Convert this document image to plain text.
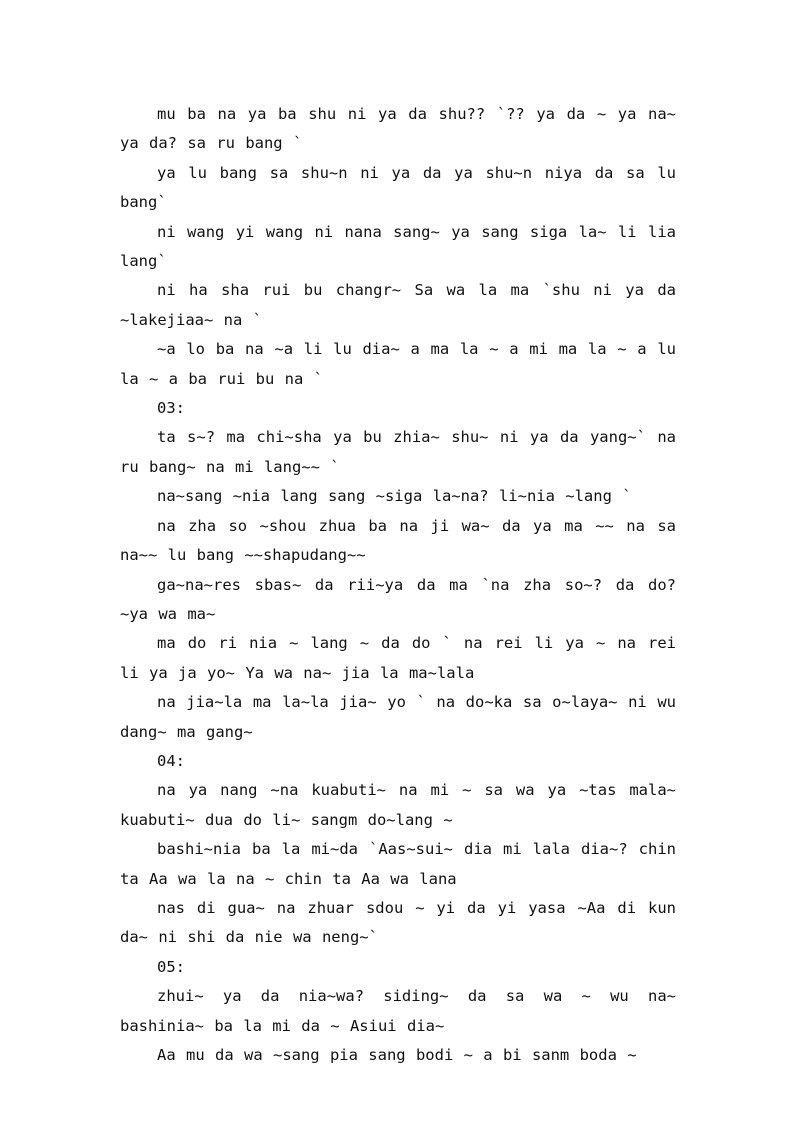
mu ba na ya ba shu ni ya da shu?? `?? ya da ~ ya na~ ya da? sa ru bang `

ya lu bang sa shu~n ni ya da ya shu~n niya da sa lu bang`

ni wang yi wang ni nana sang~ ya sang siga la~ li lia lang`

ni ha sha rui bu changr~ Sa wa la ma `shu ni ya da ~lakejiaa~ na `

~a lo ba na ~a li lu dia~ a ma la ~ a mi ma la ~ a lu la ~ a ba rui bu na `

03:

ta s~? ma chi~sha ya bu zhia~ shu~ ni ya da yang~` na ru bang~ na mi lang~~ `

na~sang ~nia lang sang ~siga la~na? li~nia ~lang `

na zha so ~shou zhua ba na ji wa~ da ya ma ~~ na sa na~~ lu bang ~~shapudang~~

ga~na~res sbas~ da rii~ya da ma `na zha so~? da do? ~ya wa ma~

ma do ri nia ~ lang ~ da do ` na rei li ya ~ na rei li ya ja yo~ Ya wa na~ jia la ma~lala

na jia~la ma la~la jia~ yo ` na do~ka sa o~laya~ ni wu dang~ ma gang~

04:

na ya nang ~na kuabuti~ na mi ~ sa wa ya ~tas mala~ kuabuti~ dua do li~ sangm do~lang ~

bashi~nia ba la mi~da `Aas~sui~ dia mi lala dia~? chin ta Aa wa la na ~ chin ta Aa wa lana

nas di gua~ na zhuar sdou ~ yi da yi yasa ~Aa di kun da~ ni shi da nie wa neng~`

05:

zhui~ ya da nia~wa? siding~ da sa wa ~ wu na~ bashinia~ ba la mi da ~ Asiui dia~

Aa mu da wa ~sang pia sang bodi ~ a bi sanm boda ~
